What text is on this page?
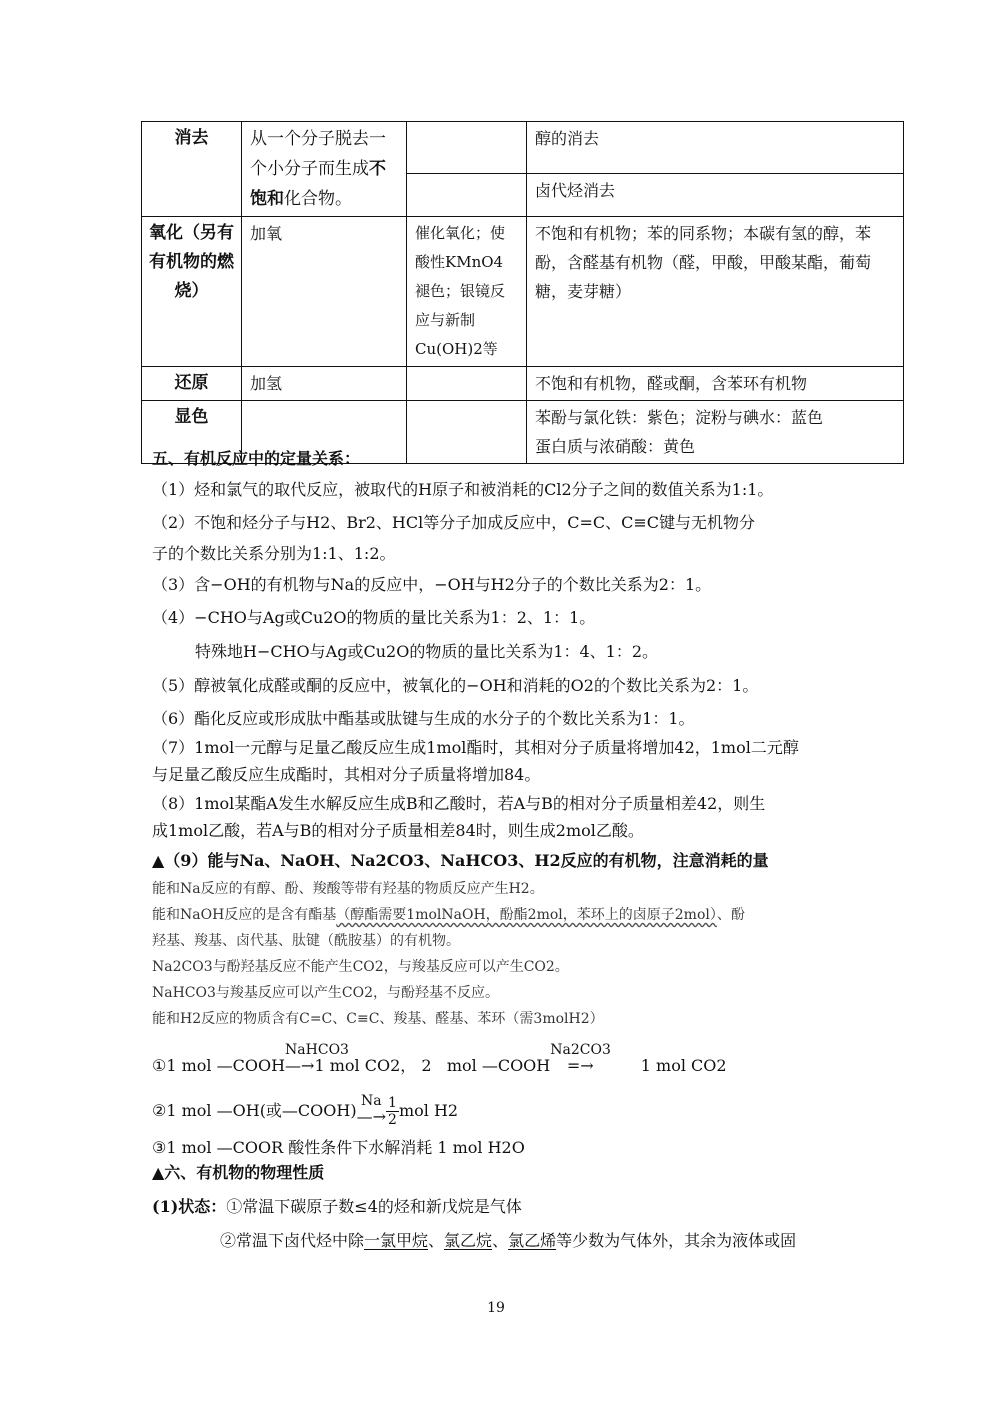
消去	从一个分子脱去一个小分子而生成不饱和化合物。		醇的消去
			卤代烃消去
氧化（另有有机物的燃烧）	加氧	催化氧化；使酸性KMnO4褪色；银镜反应与新制Cu(OH)2等	不饱和有机物；苯的同系物；本碳有氢的醇，苯酚，含醛基有机物（醛，甲酸，甲酸某酯，葡萄糖，麦芽糖）
还原	加氢		不饱和有机物，醛或酮，含苯环有机物
显色			苯酚与氯化铁：紫色；淀粉与碘水：蓝色
蛋白质与浓硝酸：黄色
五、有机反应中的定量关系：
（1）烃和氯气的取代反应，被取代的H原子和被消耗的Cl2分子之间的数值关系为1:1。
（2）不饱和烃分子与H2、Br2、HCl等分子加成反应中，C=C、C≡C键与无机物分
子的个数比关系分别为1:1、1:2。
（3）含−OH的有机物与Na的反应中，−OH与H2分子的个数比关系为2：1。
（4）−CHO与Ag或Cu2O的物质的量比关系为1：2、1：1。
特殊地H−CHO与Ag或Cu2O的物质的量比关系为1：4、1：2。
（5）醇被氧化成醛或酮的反应中，被氧化的−OH和消耗的O2的个数比关系为2：1。
（6）酯化反应或形成肽中酯基或肽键与生成的水分子的个数比关系为1：1。
（7）1mol一元醇与足量乙酸反应生成1mol酯时，其相对分子质量将增加42，1mol二元醇
与足量乙酸反应生成酯时，其相对分子质量将增加84。
（8）1mol某酯A发生水解反应生成B和乙酸时，若A与B的相对分子质量相差42，则生
成1mol乙酸，若A与B的相对分子质量相差84时，则生成2mol乙酸。
▲（9）能与Na、NaOH、Na2CO3、NaHCO3、H2反应的有机物，注意消耗的量
能和Na反应的有醇、酚、羧酸等带有羟基的物质反应产生H2。
能和NaOH反应的是含有酯基（醇酯需要1molNaOH，酚酯2mol，苯环上的卤原子2mol）、酚
羟基、羧基、卤代基、肽键（酰胺基）的有机物。
Na2CO3与酚羟基反应不能产生CO2，与羧基反应可以产生CO2。
NaHCO3与羧基反应可以产生CO2，与酚羟基不反应。
能和H2反应的物质含有C=C、C≡C、羧基、醛基、苯环（需3molH2）
①1 mol —COOH
NaHCO3
—→1 mol CO2， 2 mol —COOH
Na2CO3
=→	1 mol CO2
②1 mol —OH(或—COOH) Na
—→ $\frac{1}{2}$ mol H2
③1 mol —COOR 酸性条件下水解消耗 1 mol H2O
▲六、有机物的物理性质
(1)状态：①常温下碳原子数≤4的烃和新戊烷是气体
②常温下卤代烃中除一氯甲烷、氯乙烷、氯乙烯等少数为气体外，其余为液体或固
19
